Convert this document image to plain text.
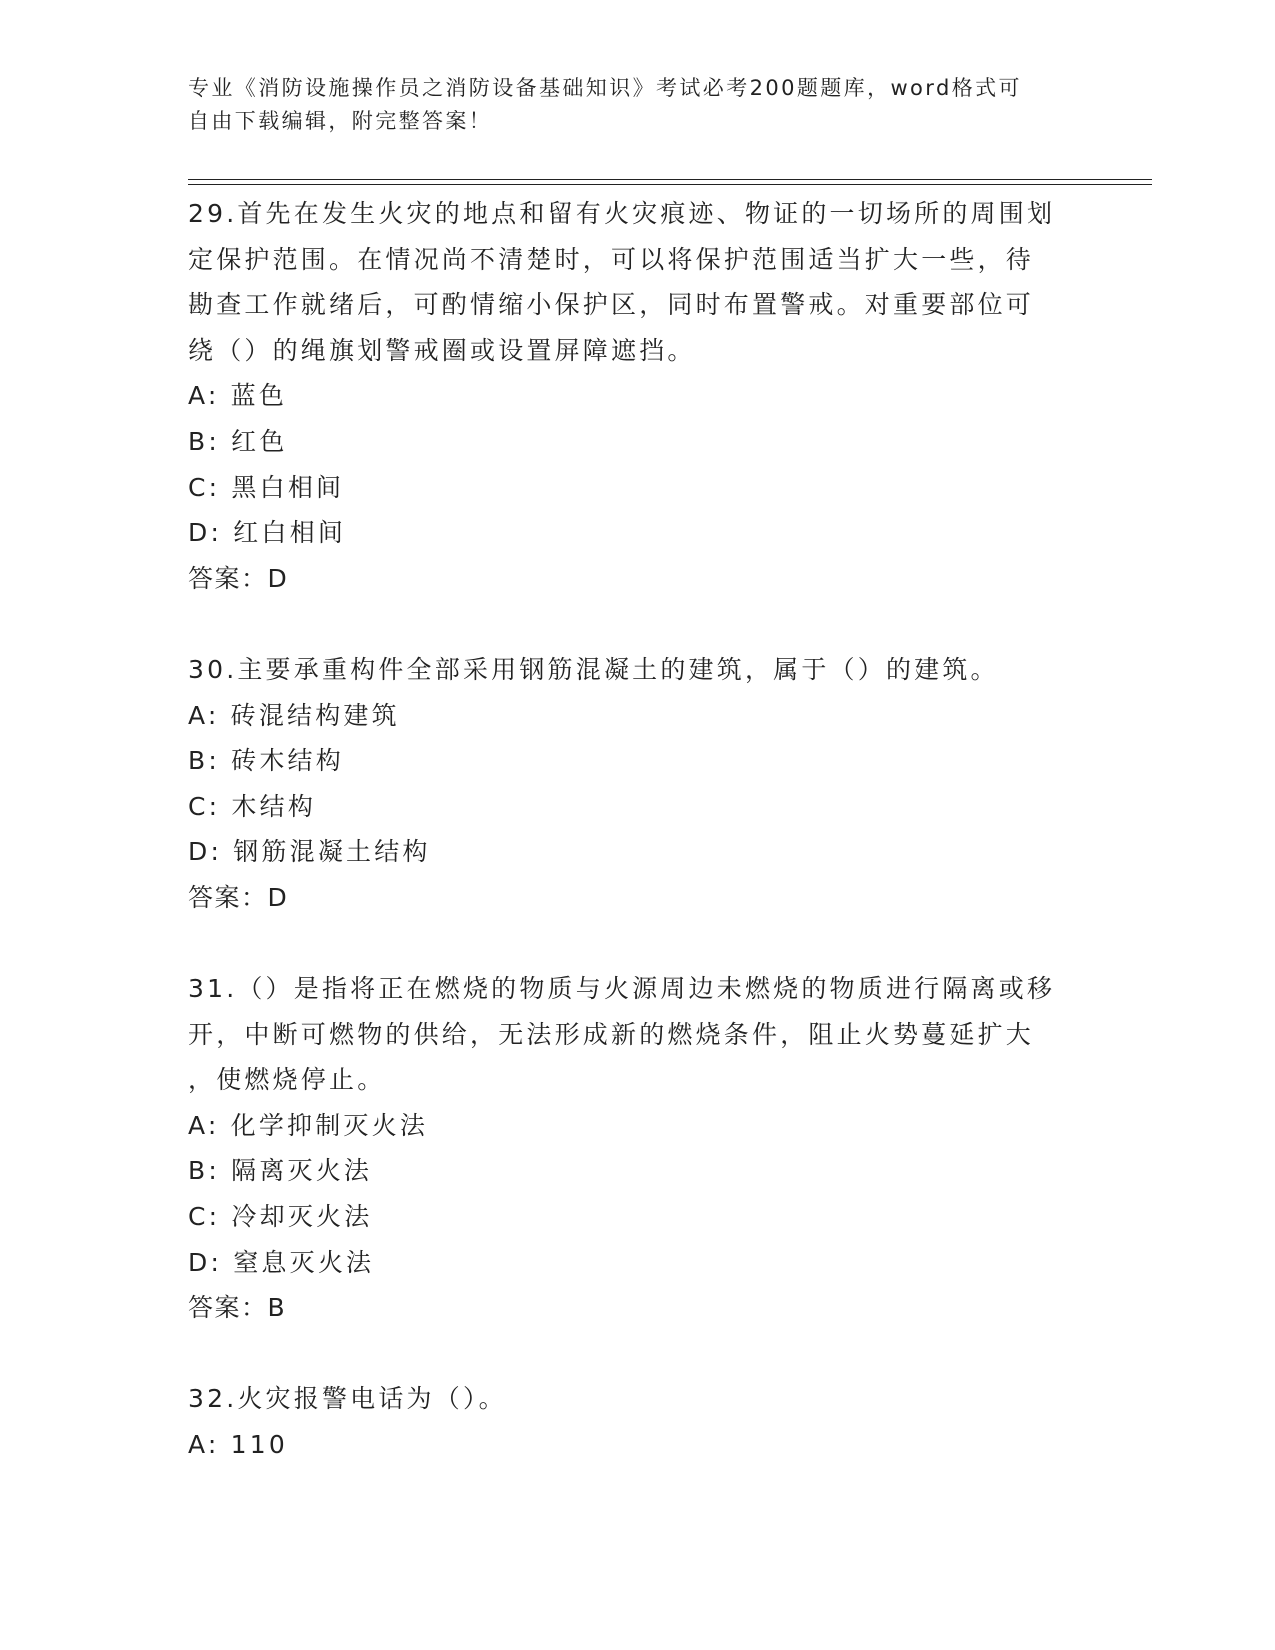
专业《消防设施操作员之消防设备基础知识》考试必考200题题库，word格式可
自由下载编辑，附完整答案！
29.首先在发生火灾的地点和留有火灾痕迹、物证的一切场所的周围划
定保护范围。在情况尚不清楚时，可以将保护范围适当扩大一些，待
勘查工作就绪后，可酌情缩小保护区，同时布置警戒。对重要部位可
绕（）的绳旗划警戒圈或设置屏障遮挡。
A: 蓝色
B: 红色
C: 黑白相间
D: 红白相间
答案：D
30.主要承重构件全部采用钢筋混凝土的建筑，属于（）的建筑。
A: 砖混结构建筑
B: 砖木结构
C: 木结构
D: 钢筋混凝土结构
答案：D
31.（）是指将正在燃烧的物质与火源周边未燃烧的物质进行隔离或移
开，中断可燃物的供给，无法形成新的燃烧条件，阻止火势蔓延扩大
，使燃烧停止。
A: 化学抑制灭火法
B: 隔离灭火法
C: 冷却灭火法
D: 窒息灭火法
答案：B
32.火灾报警电话为（）。
A: 110
